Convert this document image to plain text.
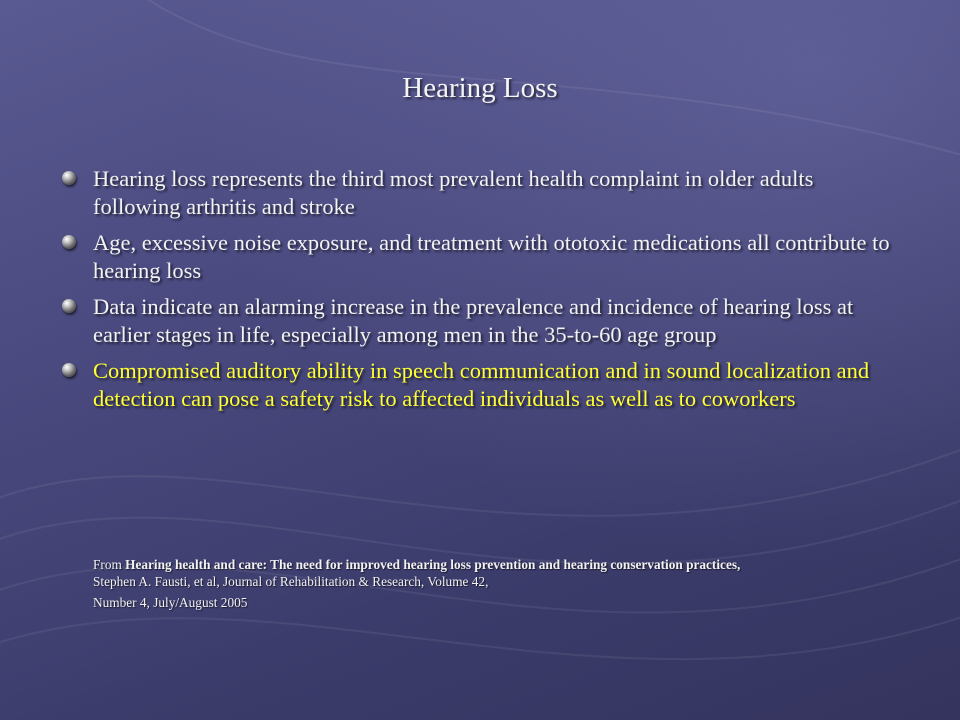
Hearing Loss
Hearing loss represents the third most prevalent health complaint in older adults following arthritis and stroke
Age, excessive noise exposure, and treatment with ototoxic medications all contribute to hearing loss
Data indicate an alarming increase in the prevalence and incidence of hearing loss at earlier stages in life, especially among men in the 35-to-60 age group
Compromised auditory ability in speech communication and in sound localization and detection can pose a safety risk to affected individuals as well as to coworkers
From Hearing health and care: The need for improved hearing loss prevention and hearing conservation practices,
Stephen A. Fausti, et al, Journal of Rehabilitation & Research, Volume 42,
Number 4, July/August 2005
